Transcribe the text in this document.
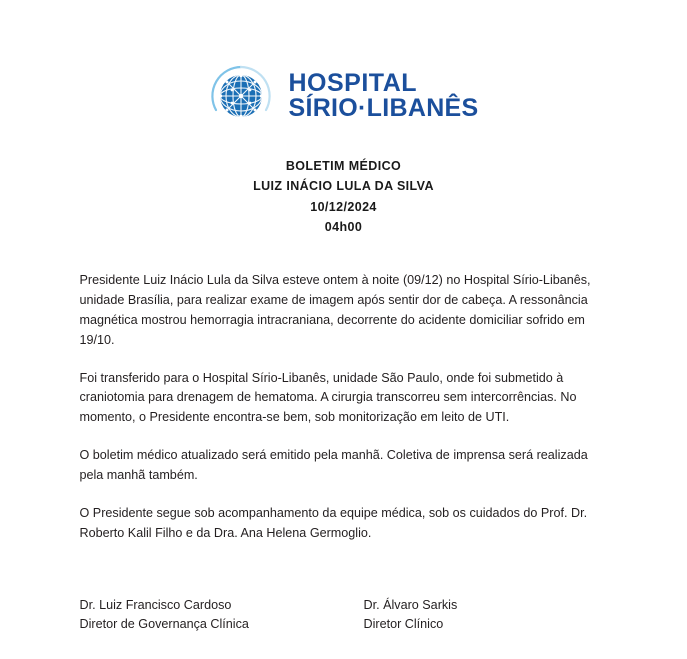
HOSPITAL
SÍRIO·LIBANÊS
BOLETIM MÉDICO
LUIZ INÁCIO LULA DA SILVA
10/12/2024
04h00

Presidente Luiz Inácio Lula da Silva esteve ontem à noite (09/12) no Hospital Sírio-Libanês, unidade Brasília, para realizar exame de imagem após sentir dor de cabeça. A ressonância magnética mostrou hemorragia intracraniana, decorrente do acidente domiciliar sofrido em 19/10.

Foi transferido para o Hospital Sírio-Libanês, unidade São Paulo, onde foi submetido à craniotomia para drenagem de hematoma. A cirurgia transcorreu sem intercorrências. No momento, o Presidente encontra-se bem, sob monitorização em leito de UTI.

O boletim médico atualizado será emitido pela manhã. Coletiva de imprensa será realizada pela manhã também.

O Presidente segue sob acompanhamento da equipe médica, sob os cuidados do Prof. Dr. Roberto Kalil Filho e da Dra. Ana Helena Germoglio.

Dr. Luiz Francisco Cardoso
Diretor de Governança Clínica
Dr. Álvaro Sarkis
Diretor Clínico
